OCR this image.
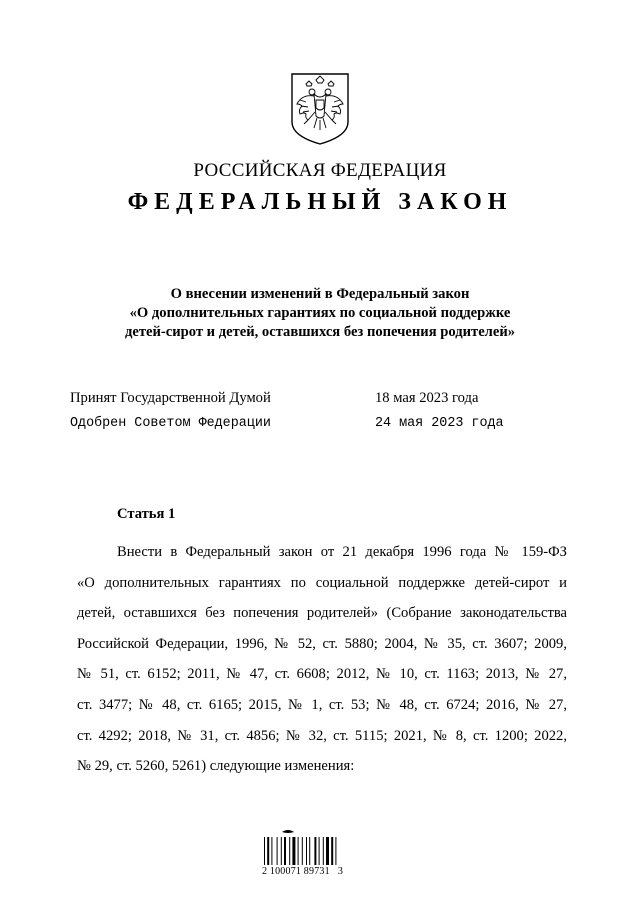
РОССИЙСКАЯ ФЕДЕРАЦИЯ
ФЕДЕРАЛЬНЫЙ ЗАКОН
О внесении изменений в Федеральный закон
«О дополнительных гарантиях по социальной поддержке
детей-сирот и детей, оставшихся без попечения родителей»
Принят Государственной Думой	18 мая 2023 года
Одобрен Советом Федерации	24 мая 2023 года
Статья 1
Внести в Федеральный закон от 21 декабря 1996 года № 159-ФЗ
«О дополнительных гарантиях по социальной поддержке детей-сирот и
детей, оставшихся без попечения родителей» (Собрание законодательства
Российской Федерации, 1996, № 52, ст. 5880; 2004, № 35, ст. 3607; 2009,
№ 51, ст. 6152; 2011, № 47, ст. 6608; 2012, № 10, ст. 1163; 2013, № 27,
ст. 3477; № 48, ст. 6165; 2015, № 1, ст. 53; № 48, ст. 6724; 2016, № 27,
ст. 4292; 2018, № 31, ст. 4856; № 32, ст. 5115; 2021, № 8, ст. 1200; 2022,
№ 29, ст. 5260, 5261) следующие изменения:
2 100071 89731   3
